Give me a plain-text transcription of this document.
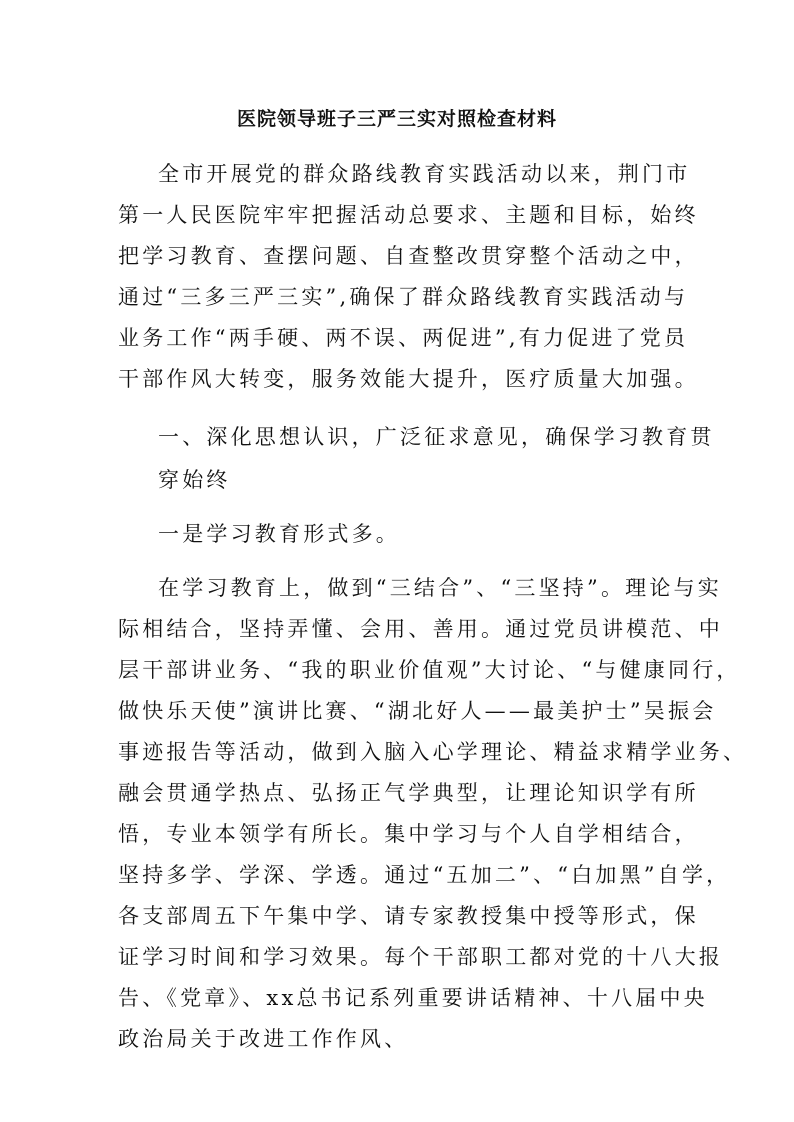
医院领导班子三严三实对照检查材料
全市开展党的群众路线教育实践活动以来，荆门市
第一人民医院牢牢把握活动总要求、主题和目标，始终
把学习教育、查摆问题、自查整改贯穿整个活动之中，
通过“三多三严三实”,确保了群众路线教育实践活动与
业务工作“两手硬、两不误、两促进”,有力促进了党员
干部作风大转变，服务效能大提升，医疗质量大加强。
一、深化思想认识，广泛征求意见，确保学习教育贯
穿始终
一是学习教育形式多。
在学习教育上，做到“三结合”、“三坚持”。理论与实
际相结合，坚持弄懂、会用、善用。通过党员讲模范、中
层干部讲业务、“我的职业价值观”大讨论、“与健康同行，
做快乐天使”演讲比赛、“湖北好人——最美护士”吴振会
事迹报告等活动，做到入脑入心学理论、精益求精学业务、
融会贯通学热点、弘扬正气学典型，让理论知识学有所
悟，专业本领学有所长。集中学习与个人自学相结合，
坚持多学、学深、学透。通过“五加二”、“白加黑”自学，
各支部周五下午集中学、请专家教授集中授等形式，保
证学习时间和学习效果。每个干部职工都对党的十八大报
告、《党章》、xx总书记系列重要讲话精神、十八届中央
政治局关于改进工作作风、
